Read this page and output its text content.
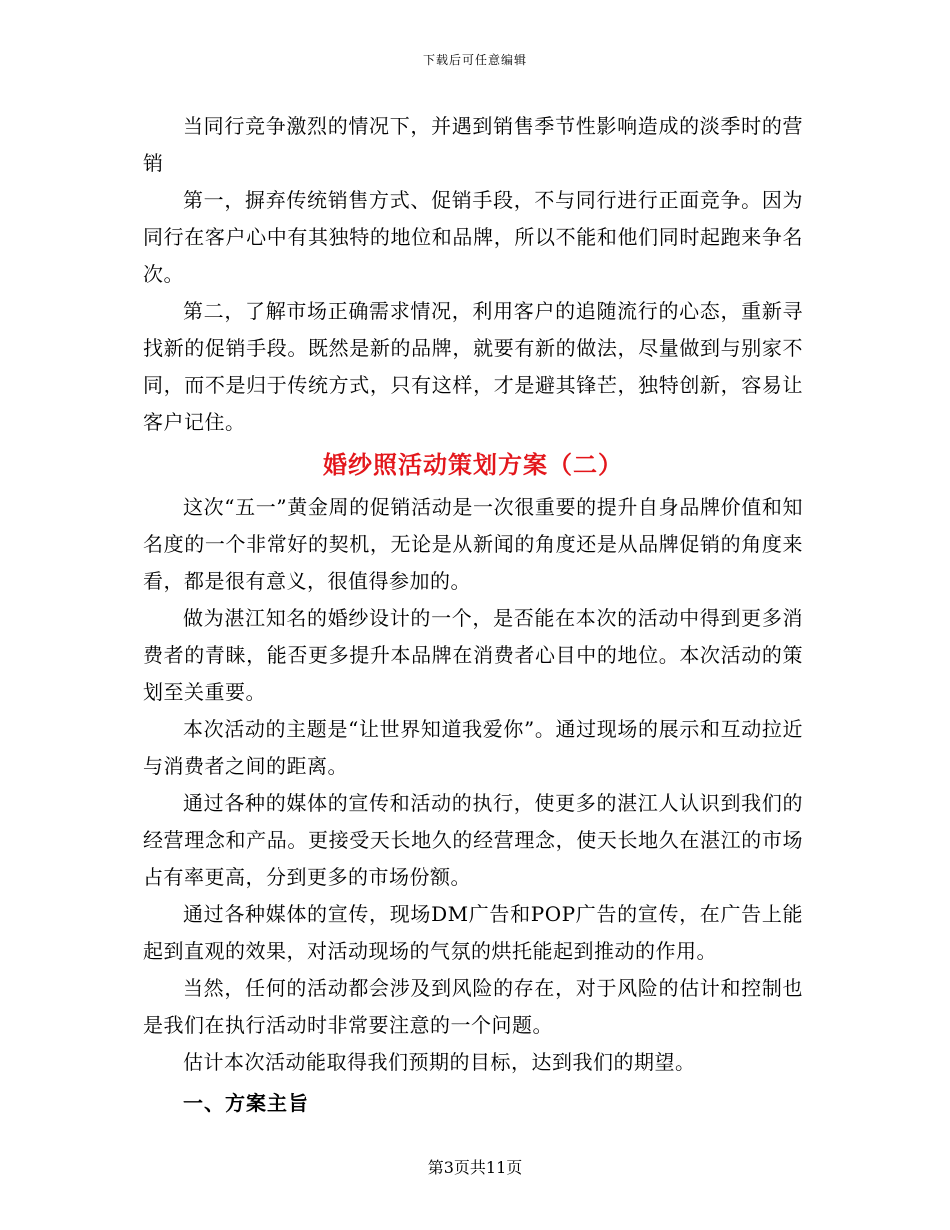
下载后可任意编辑

当同行竞争激烈的情况下，并遇到销售季节性影响造成的淡季时的营销

第一，摒弃传统销售方式、促销手段，不与同行进行正面竞争。因为同行在客户心中有其独特的地位和品牌，所以不能和他们同时起跑来争名次。

第二，了解市场正确需求情况，利用客户的追随流行的心态，重新寻找新的促销手段。既然是新的品牌，就要有新的做法，尽量做到与别家不同，而不是归于传统方式，只有这样，才是避其锋芒，独特创新，容易让客户记住。

婚纱照活动策划方案（二）

这次“五一”黄金周的促销活动是一次很重要的提升自身品牌价值和知名度的一个非常好的契机，无论是从新闻的角度还是从品牌促销的角度来看，都是很有意义，很值得参加的。

做为湛江知名的婚纱设计的一个，是否能在本次的活动中得到更多消费者的青睐，能否更多提升本品牌在消费者心目中的地位。本次活动的策划至关重要。

本次活动的主题是“让世界知道我爱你”。通过现场的展示和互动拉近与消费者之间的距离。

通过各种的媒体的宣传和活动的执行，使更多的湛江人认识到我们的经营理念和产品。更接受天长地久的经营理念，使天长地久在湛江的市场占有率更高，分到更多的市场份额。

通过各种媒体的宣传，现场DM广告和POP广告的宣传，在广告上能起到直观的效果，对活动现场的气氛的烘托能起到推动的作用。

当然，任何的活动都会涉及到风险的存在，对于风险的估计和控制也是我们在执行活动时非常要注意的一个问题。

估计本次活动能取得我们预期的目标，达到我们的期望。

一、方案主旨
第3页共11页
